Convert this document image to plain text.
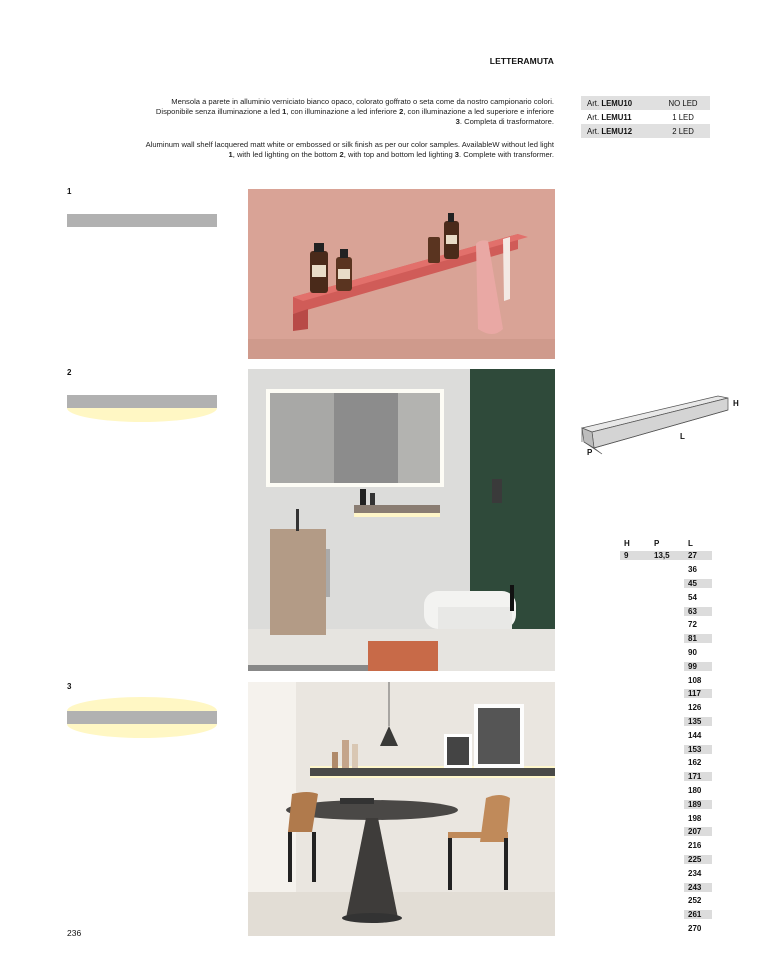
LETTERAMUTA
Mensola a parete in alluminio verniciato bianco opaco, colorato goffrato o seta come da nostro campionario colori.
Disponibile senza illuminazione a led 1, con illuminazione a led inferiore 2, con illuminazione a led superiore e inferiore
3. Completa di trasformatore.
Aluminum wall shelf lacquered matt white or embossed or silk finish as per our color samples. AvailableW without led light
1, with led lighting on the bottom 2, with top and bottom led lighting 3. Complete with transformer.
Art. LEMU10	NO LED
Art. LEMU11	1 LED
Art. LEMU12	2 LED
1
2
3
H
L
P
H	P	L
9	13,5	27
36
45
54
63
72
81
90
99
108
117
126
135
144
153
162
171
180
189
198
207
216
225
234
243
252
261
270
236
